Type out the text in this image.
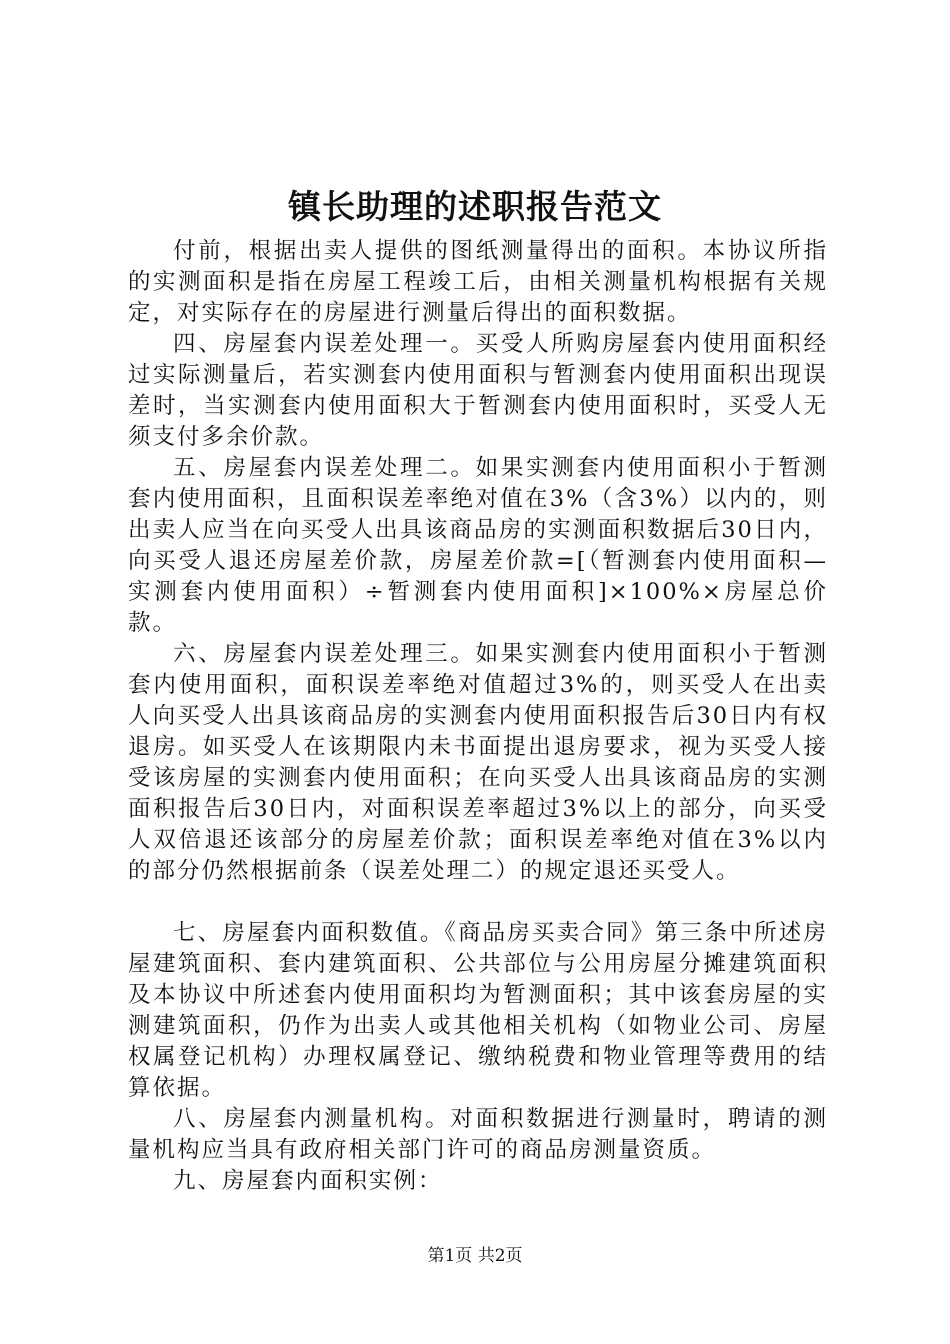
镇长助理的述职报告范文

付前，根据出卖人提供的图纸测量得出的面积。本协议所指的实测面积是指在房屋工程竣工后，由相关测量机构根据有关规定，对实际存在的房屋进行测量后得出的面积数据。

四、房屋套内误差处理一。买受人所购房屋套内使用面积经过实际测量后，若实测套内使用面积与暂测套内使用面积出现误差时，当实测套内使用面积大于暂测套内使用面积时，买受人无须支付多余价款。

五、房屋套内误差处理二。如果实测套内使用面积小于暂测套内使用面积，且面积误差率绝对值在3%（含3%）以内的，则出卖人应当在向买受人出具该商品房的实测面积数据后30日内，向买受人退还房屋差价款，房屋差价款=[（暂测套内使用面积—实测套内使用面积）÷暂测套内使用面积]×100%×房屋总价款。

六、房屋套内误差处理三。如果实测套内使用面积小于暂测套内使用面积，面积误差率绝对值超过3%的，则买受人在出卖人向买受人出具该商品房的实测套内使用面积报告后30日内有权退房。如买受人在该期限内未书面提出退房要求，视为买受人接受该房屋的实测套内使用面积；在向买受人出具该商品房的实测面积报告后30日内，对面积误差率超过3%以上的部分，向买受人双倍退还该部分的房屋差价款；面积误差率绝对值在3%以内的部分仍然根据前条（误差处理二）的规定退还买受人。

七、房屋套内面积数值。《商品房买卖合同》第三条中所述房屋建筑面积、套内建筑面积、公共部位与公用房屋分摊建筑面积及本协议中所述套内使用面积均为暂测面积；其中该套房屋的实测建筑面积，仍作为出卖人或其他相关机构（如物业公司、房屋权属登记机构）办理权属登记、缴纳税费和物业管理等费用的结算依据。

八、房屋套内测量机构。对面积数据进行测量时，聘请的测量机构应当具有政府相关部门许可的商品房测量资质。

九、房屋套内面积实例：

第1页 共2页
